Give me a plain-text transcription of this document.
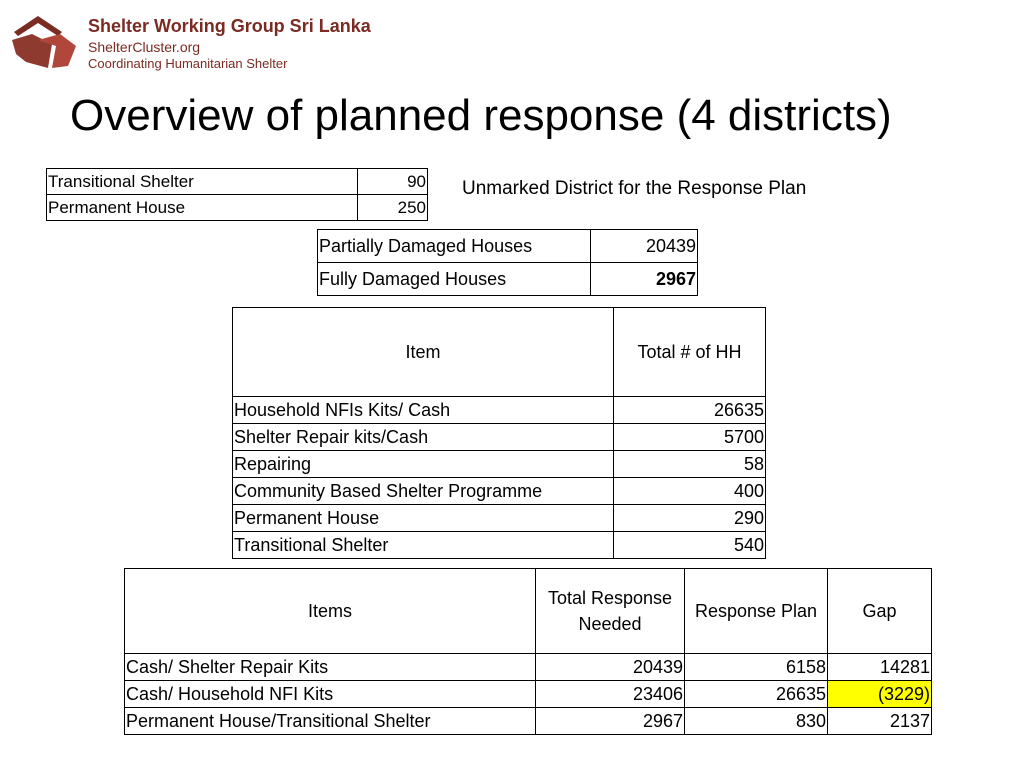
Shelter Working Group Sri Lanka
ShelterCluster.org
Coordinating Humanitarian Shelter
Overview of planned response (4 districts)
Unmarked District for the Response Plan
Transitional Shelter	90
Permanent House	250
Partially Damaged Houses	20439
Fully Damaged Houses	2967
Item	Total # of HH
Household NFIs Kits/ Cash	26635
Shelter Repair kits/Cash	5700
Repairing	58
Community Based Shelter Programme	400
Permanent House	290
Transitional Shelter	540
Items	Total Response Needed	Response Plan	Gap
Cash/ Shelter Repair Kits	20439	6158	14281
Cash/ Household NFI Kits	23406	26635	(3229)
Permanent House/Transitional Shelter	2967	830	2137
